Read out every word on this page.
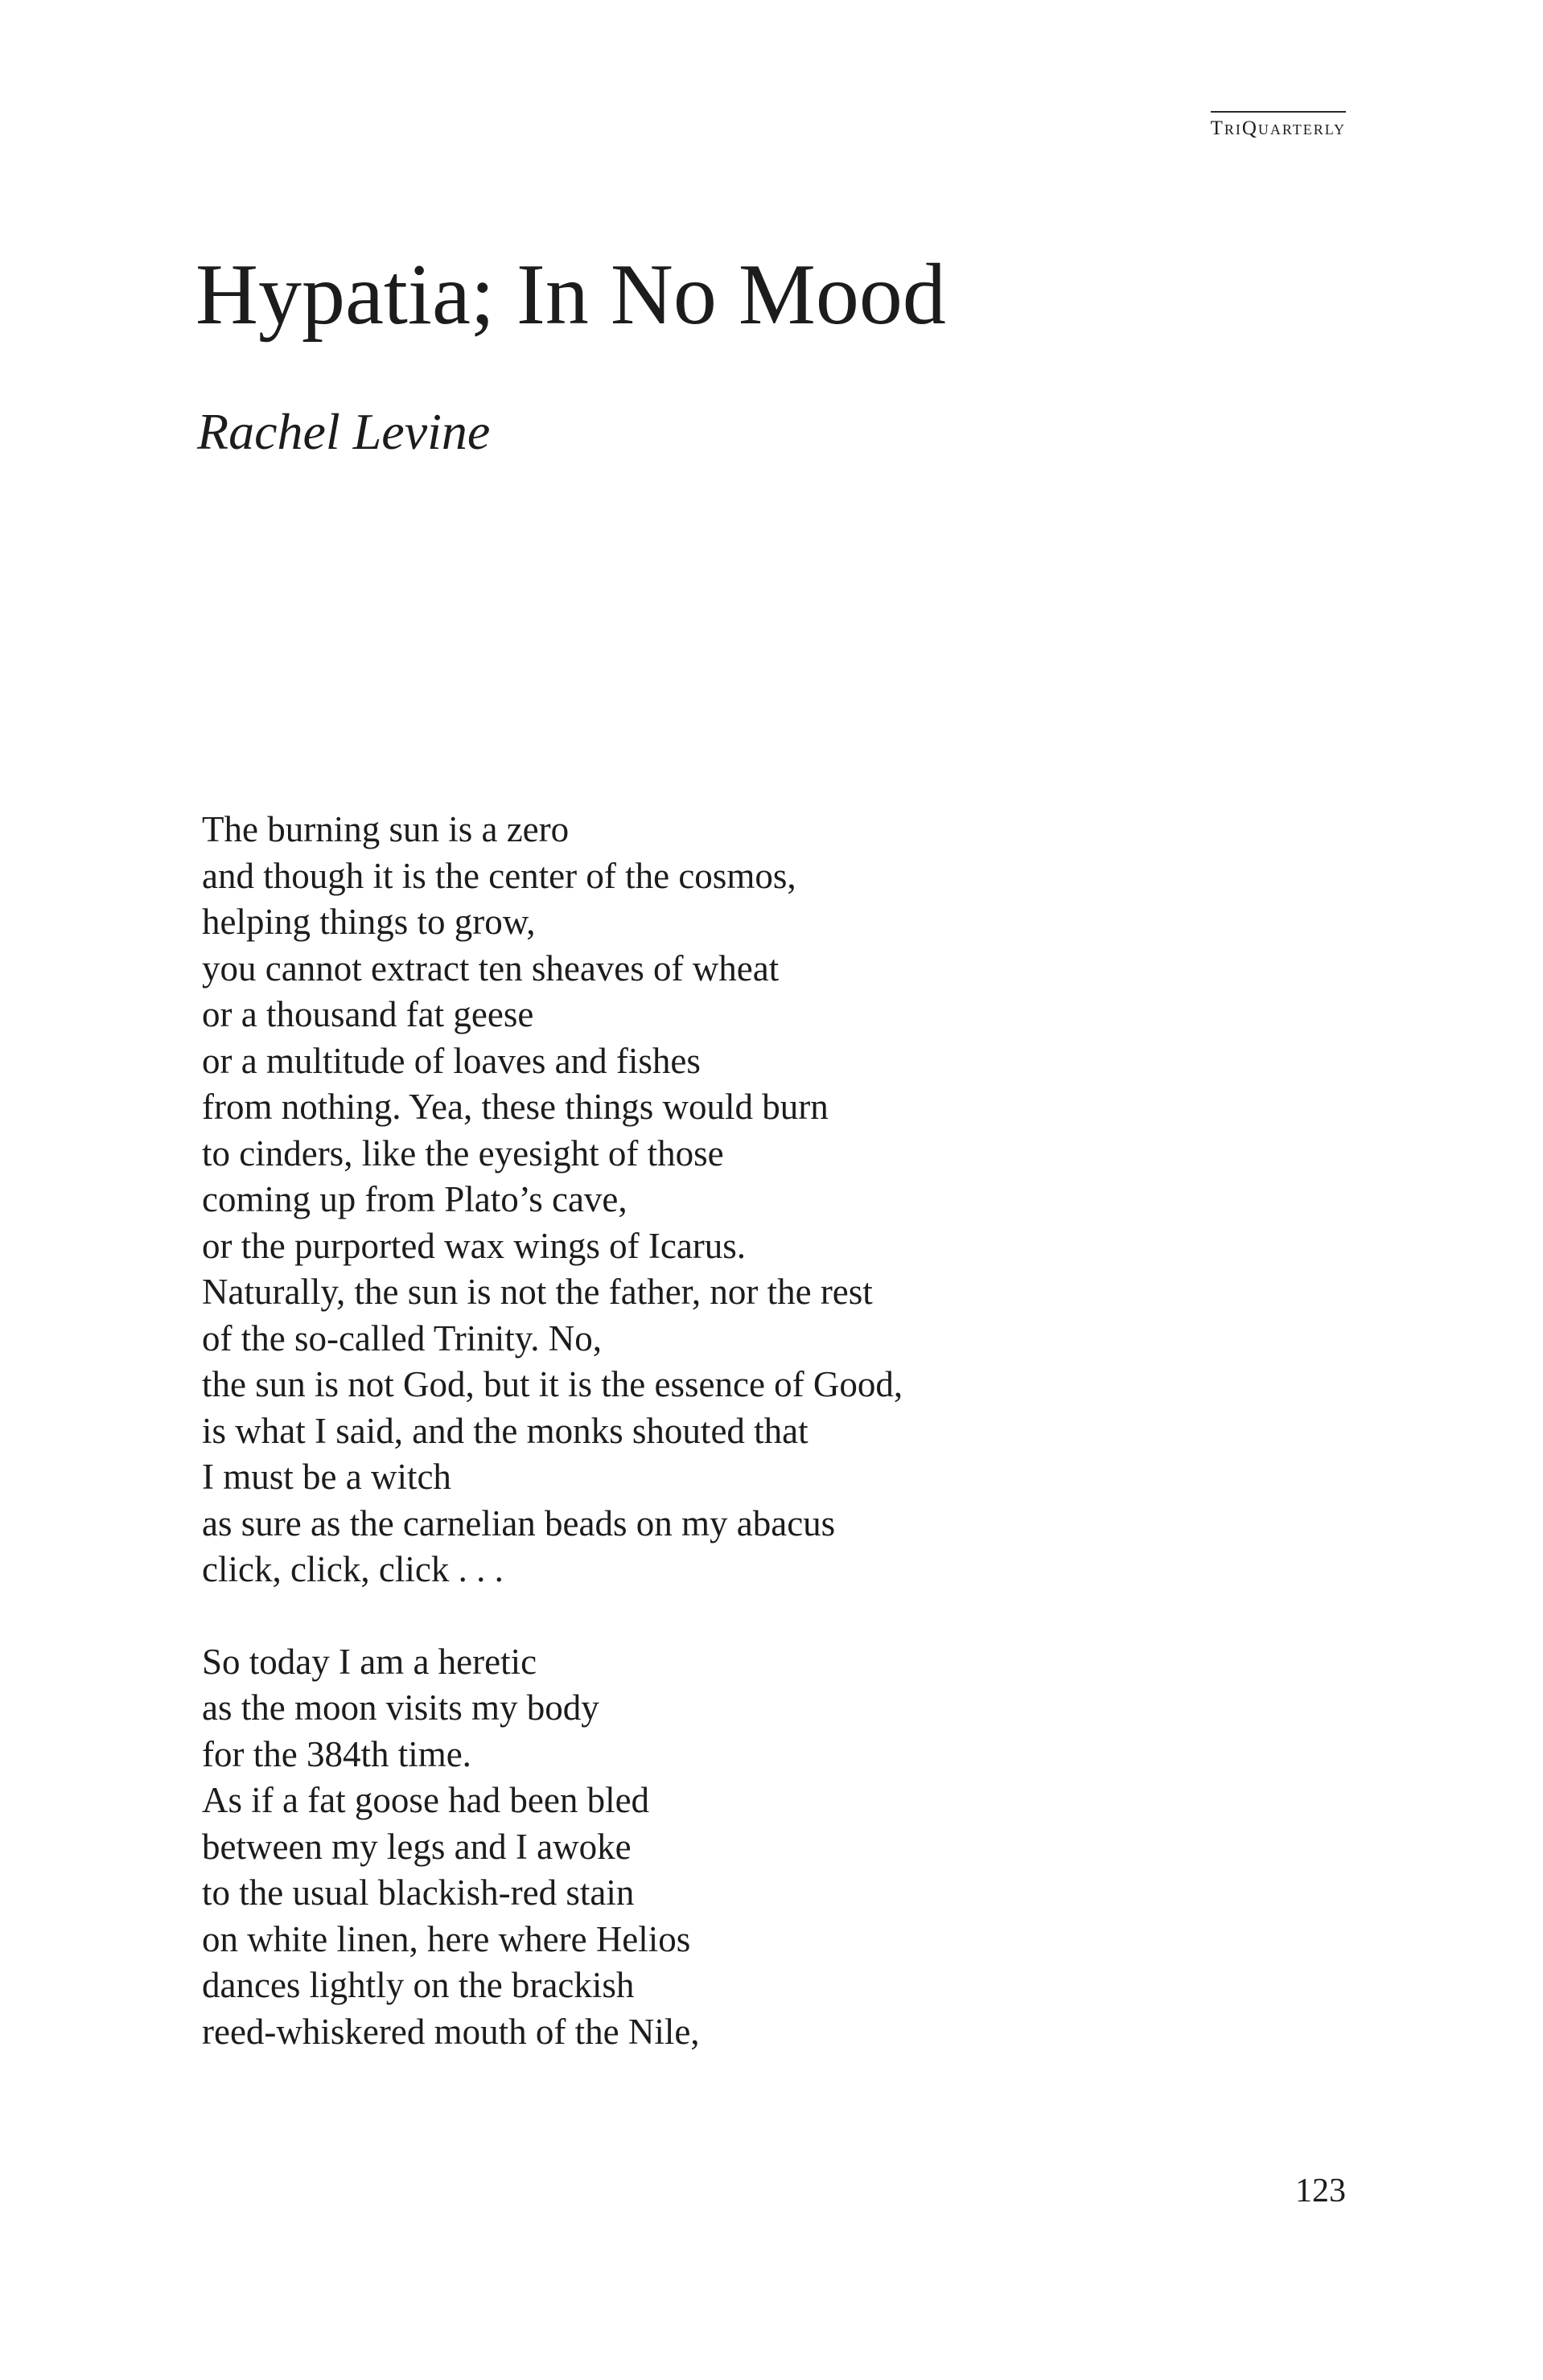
TriQuarterly
Hypatia; In No Mood
Rachel Levine
The burning sun is a zero
and though it is the center of the cosmos,
helping things to grow,
you cannot extract ten sheaves of wheat
or a thousand fat geese
or a multitude of loaves and fishes
from nothing. Yea, these things would burn
to cinders, like the eyesight of those
coming up from Plato’s cave,
or the purported wax wings of Icarus.
Naturally, the sun is not the father, nor the rest
of the so-called Trinity. No,
the sun is not God, but it is the essence of Good,
is what I said, and the monks shouted that
I must be a witch
as sure as the carnelian beads on my abacus
click, click, click . . .
So today I am a heretic
as the moon visits my body
for the 384th time.
As if a fat goose had been bled
between my legs and I awoke
to the usual blackish-red stain
on white linen, here where Helios
dances lightly on the brackish
reed-whiskered mouth of the Nile,
123
